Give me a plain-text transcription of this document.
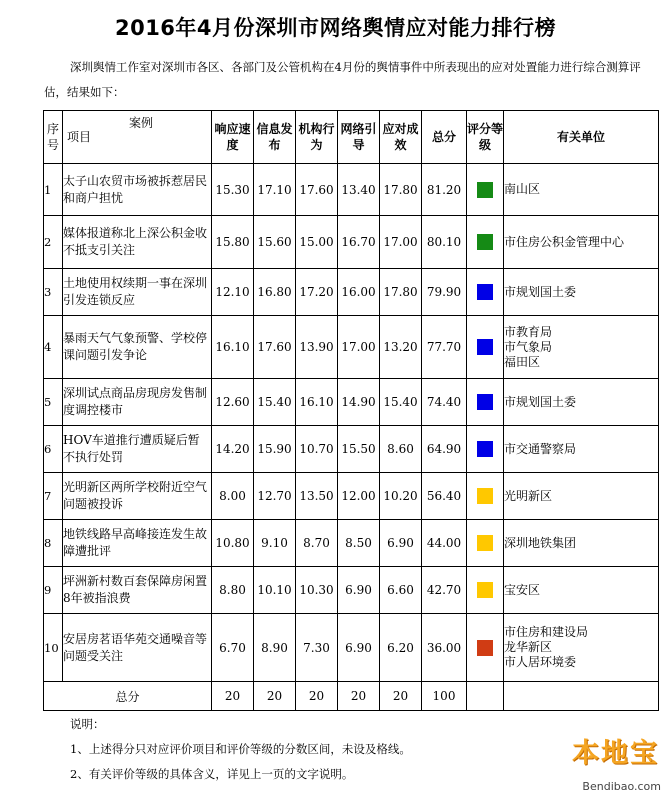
2016年4月份深圳市网络舆情应对能力排行榜
深圳舆情工作室对深圳市各区、各部门及公管机构在4月份的舆情事件中所表现出的应对处置能力进行综合测算评估，结果如下：
序号	案例
项目	响应速度	信息发布	机构行为	网络引导	应对成效	总分	评分等级	有关单位
1	太子山农贸市场被拆惹居民和商户担忧	15.30	17.10	17.60	13.40	17.80	81.20		南山区

2	媒体报道称北上深公积金收不抵支引关注	15.80	15.60	15.00	16.70	17.00	80.10		市住房公积金管理中心

3	土地使用权续期一事在深圳引发连锁反应	12.10	16.80	17.20	16.00	17.80	79.90		市规划国土委

4	暴雨天气气象预警、学校停课问题引发争论	16.10	17.60	13.90	17.00	13.20	77.70		市教育局
市气象局
福田区

5	深圳试点商品房现房发售制度调控楼市	12.60	15.40	16.10	14.90	15.40	74.40		市规划国土委

6	HOV车道推行遭质疑后暂不执行处罚	14.20	15.90	10.70	15.50	8.60	64.90		市交通警察局

7	光明新区两所学校附近空气问题被投诉	8.00	12.70	13.50	12.00	10.20	56.40		光明新区

8	地铁线路早高峰接连发生故障遭批评	10.80	9.10	8.70	8.50	6.90	44.00		深圳地铁集团

9	坪洲新村数百套保障房闲置8年被指浪费	8.80	10.10	10.30	6.90	6.60	42.70		宝安区

10	安居房茗语华苑交通噪音等问题受关注	6.70	8.90	7.30	6.90	6.20	36.00		市住房和建设局
龙华新区
市人居环境委

总分		20	20	20	20	20	100		
说明：
1、上述得分只对应评价项目和评价等级的分数区间，未设及格线。
2、有关评价等级的具体含义，详见上一页的文字说明。
本地宝
Bendibao.com
